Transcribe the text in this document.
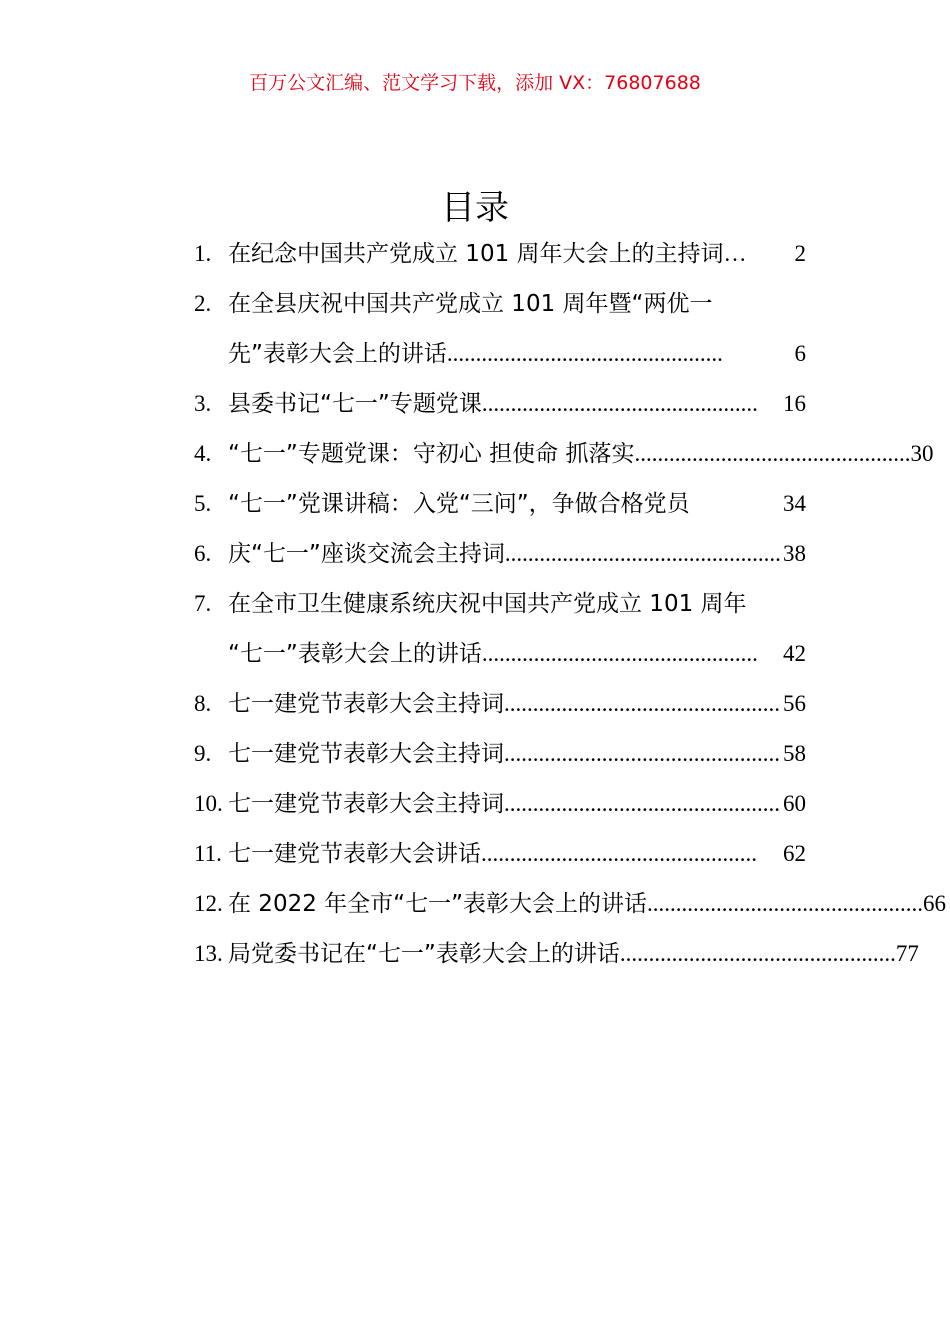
百万公文汇编、范文学习下载，添加 VX：76807688
目录
1. 在纪念中国共产党成立 101 周年大会上的主持词 …	2
2. 在全县庆祝中国共产党成立 101 周年暨“两优一
先”表彰大会上的讲话 ................................................	6
3. 县委书记“七一”专题党课 ................................................	16
4. “七一”专题党课：守初心 担使命 抓落实 ................................................ 30
5. “七一”党课讲稿：入党“三问”，争做合格党员	34
6. 庆“七一”座谈交流会主持词 ................................................ 38
7. 在全市卫生健康系统庆祝中国共产党成立 101 周年
“七一”表彰大会上的讲话 ................................................	42
8. 七一建党节表彰大会主持词 ................................................ 56
9. 七一建党节表彰大会主持词 ................................................ 58
10. 七一建党节表彰大会主持词 ................................................ 60
11. 七一建党节表彰大会讲话 ................................................	62
12. 在 2022 年全市“七一”表彰大会上的讲话 ................................................ 66
13. 局党委书记在“七一”表彰大会上的讲话 ................................................ 77
